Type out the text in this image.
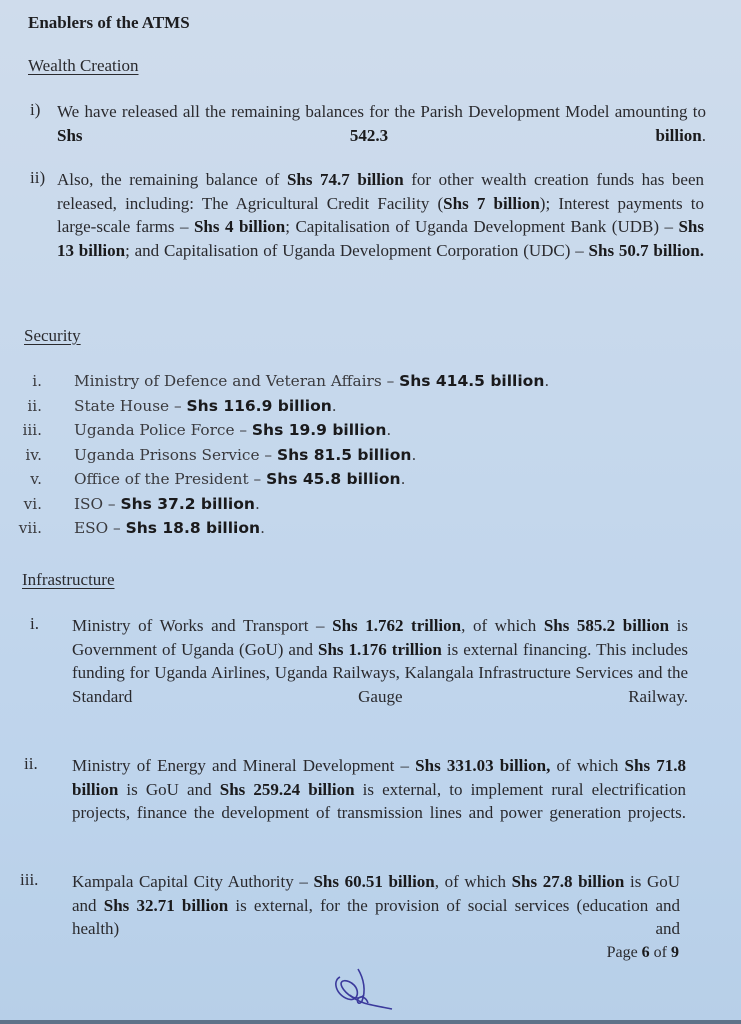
Enablers of the ATMS
Wealth Creation
i) We have released all the remaining balances for the Parish Development Model amounting to Shs 542.3 billion.
ii) Also, the remaining balance of Shs 74.7 billion for other wealth creation funds has been released, including: The Agricultural Credit Facility (Shs 7 billion); Interest payments to large-scale farms – Shs 4 billion; Capitalisation of Uganda Development Bank (UDB) – Shs 13 billion; and Capitalisation of Uganda Development Corporation (UDC) – Shs 50.7 billion.
Security
i. Ministry of Defence and Veteran Affairs – Shs 414.5 billion.
ii. State House – Shs 116.9 billion.
iii. Uganda Police Force – Shs 19.9 billion.
iv. Uganda Prisons Service – Shs 81.5 billion.
v. Office of the President – Shs 45.8 billion.
vi. ISO – Shs 37.2 billion.
vii. ESO – Shs 18.8 billion.
Infrastructure
i. Ministry of Works and Transport – Shs 1.762 trillion, of which Shs 585.2 billion is Government of Uganda (GoU) and Shs 1.176 trillion is external financing. This includes funding for Uganda Airlines, Uganda Railways, Kalangala Infrastructure Services and the Standard Gauge Railway.
ii. Ministry of Energy and Mineral Development – Shs 331.03 billion, of which Shs 71.8 billion is GoU and Shs 259.24 billion is external, to implement rural electrification projects, finance the development of transmission lines and power generation projects.
iii. Kampala Capital City Authority – Shs 60.51 billion, of which Shs 27.8 billion is GoU and Shs 32.71 billion is external, for the provision of social services (education and health) and
Page 6 of 9
